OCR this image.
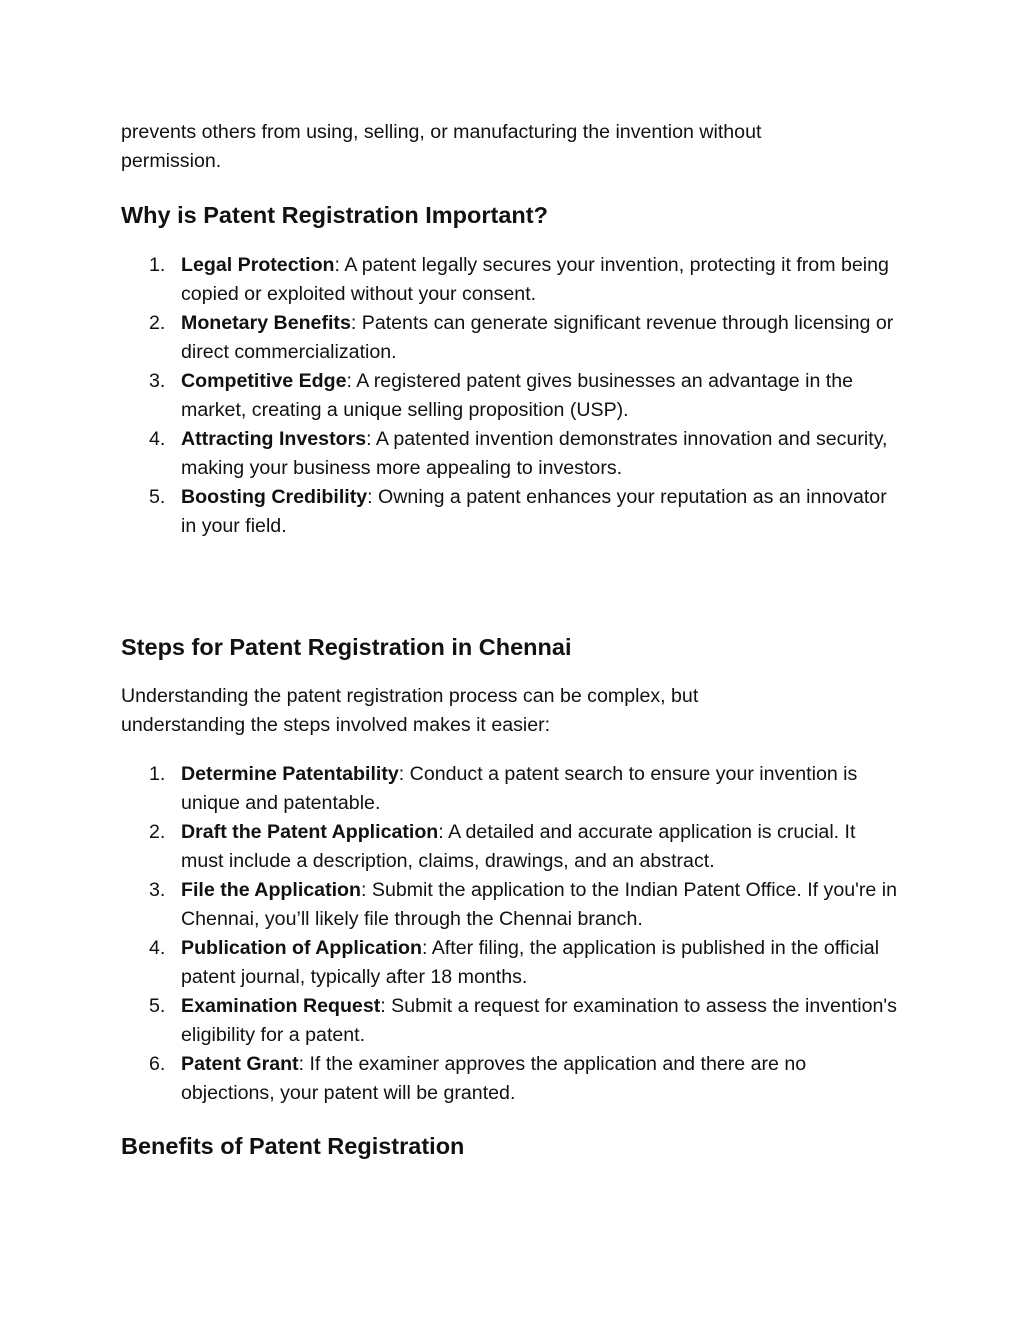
prevents others from using, selling, or manufacturing the invention without permission.

Why is Patent Registration Important?
1. Legal Protection: A patent legally secures your invention, protecting it from being copied or exploited without your consent.
2. Monetary Benefits: Patents can generate significant revenue through licensing or direct commercialization.
3. Competitive Edge: A registered patent gives businesses an advantage in the market, creating a unique selling proposition (USP).
4. Attracting Investors: A patented invention demonstrates innovation and security, making your business more appealing to investors.
5. Boosting Credibility: Owning a patent enhances your reputation as an innovator in your field.
Steps for Patent Registration in Chennai

Understanding the patent registration process can be complex, but understanding the steps involved makes it easier:

1. Determine Patentability: Conduct a patent search to ensure your invention is unique and patentable.
2. Draft the Patent Application: A detailed and accurate application is crucial. It must include a description, claims, drawings, and an abstract.
3. File the Application: Submit the application to the Indian Patent Office. If you're in Chennai, you’ll likely file through the Chennai branch.
4. Publication of Application: After filing, the application is published in the official patent journal, typically after 18 months.
5. Examination Request: Submit a request for examination to assess the invention's eligibility for a patent.
6. Patent Grant: If the examiner approves the application and there are no objections, your patent will be granted.
Benefits of Patent Registration
